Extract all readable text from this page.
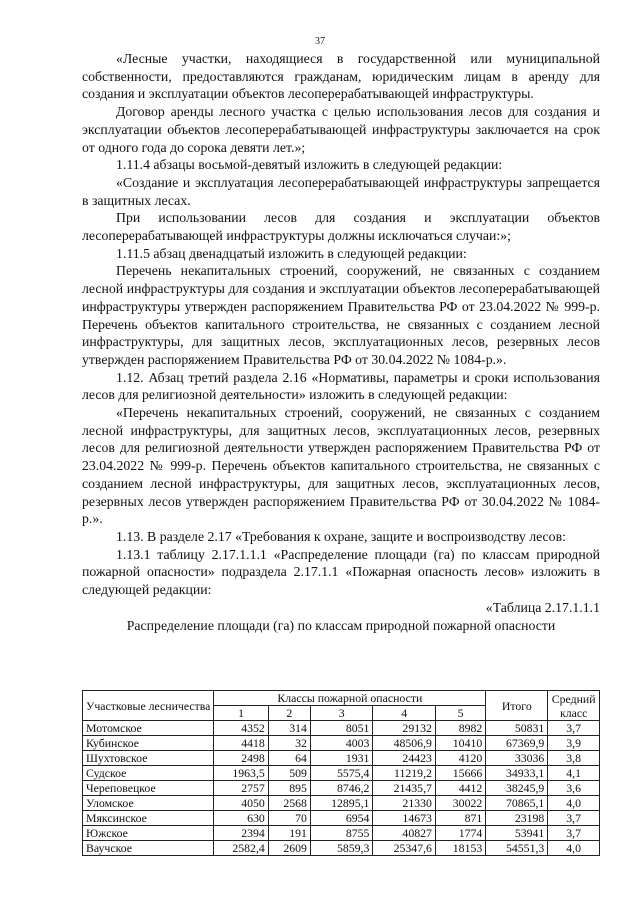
37

«Лесные участки, находящиеся в государственной или муниципальной собственности, предоставляются гражданам, юридическим лицам в аренду для создания и эксплуатации объектов лесоперерабатывающей инфраструктуры.

Договор аренды лесного участка с целью использования лесов для создания и эксплуатации объектов лесоперерабатывающей инфраструктуры заключается на срок от одного года до сорока девяти лет.»;

1.11.4 абзацы восьмой-девятый изложить в следующей редакции:

«Создание и эксплуатация лесоперерабатывающей инфраструктуры запрещается в защитных лесах.

При использовании лесов для создания и эксплуатации объектов лесоперерабатывающей инфраструктуры должны исключаться случаи:»;

1.11.5 абзац двенадцатый изложить в следующей редакции:

Перечень некапитальных строений, сооружений, не связанных с созданием лесной инфраструктуры для создания и эксплуатации объектов лесоперерабатывающей инфраструктуры утвержден распоряжением Правительства РФ от 23.04.2022 № 999-р. Перечень объектов капитального строительства, не связанных с созданием лесной инфраструктуры, для защитных лесов, эксплуатационных лесов, резервных лесов утвержден распоряжением Правительства РФ от 30.04.2022 № 1084-р.».

1.12. Абзац третий раздела 2.16 «Нормативы, параметры и сроки использования лесов для религиозной деятельности» изложить в следующей редакции:

«Перечень некапитальных строений, сооружений, не связанных с созданием лесной инфраструктуры, для защитных лесов, эксплуатационных лесов, резервных лесов для религиозной деятельности утвержден распоряжением Правительства РФ от 23.04.2022 № 999-р. Перечень объектов капитального строительства, не связанных с созданием лесной инфраструктуры, для защитных лесов, эксплуатационных лесов, резервных лесов утвержден распоряжением Правительства РФ от 30.04.2022 № 1084-р.».

1.13. В разделе 2.17 «Требования к охране, защите и воспроизводству лесов:

1.13.1 таблицу 2.17.1.1.1 «Распределение площади (га) по классам природной пожарной опасности» подраздела 2.17.1.1 «Пожарная опасность лесов» изложить в следующей редакции:

«Таблица 2.17.1.1.1

Распределение площади (га) по классам природной пожарной опасности

Участковые лесничества	Классы пожарной опасности					Итого	Средний класс
	1	2	3	4	5		
Мотомское	4352	314	8051	29132	8982	50831	3,7
Кубинское	4418	32	4003	48506,9	10410	67369,9	3,9
Шухтовское	2498	64	1931	24423	4120	33036	3,8
Судское	1963,5	509	5575,4	11219,2	15666	34933,1	4,1
Череповецкое	2757	895	8746,2	21435,7	4412	38245,9	3,6
Уломское	4050	2568	12895,1	21330	30022	70865,1	4,0
Мяксинское	630	70	6954	14673	871	23198	3,7
Южское	2394	191	8755	40827	1774	53941	3,7
Ваучское	2582,4	2609	5859,3	25347,6	18153	54551,3	4,0
